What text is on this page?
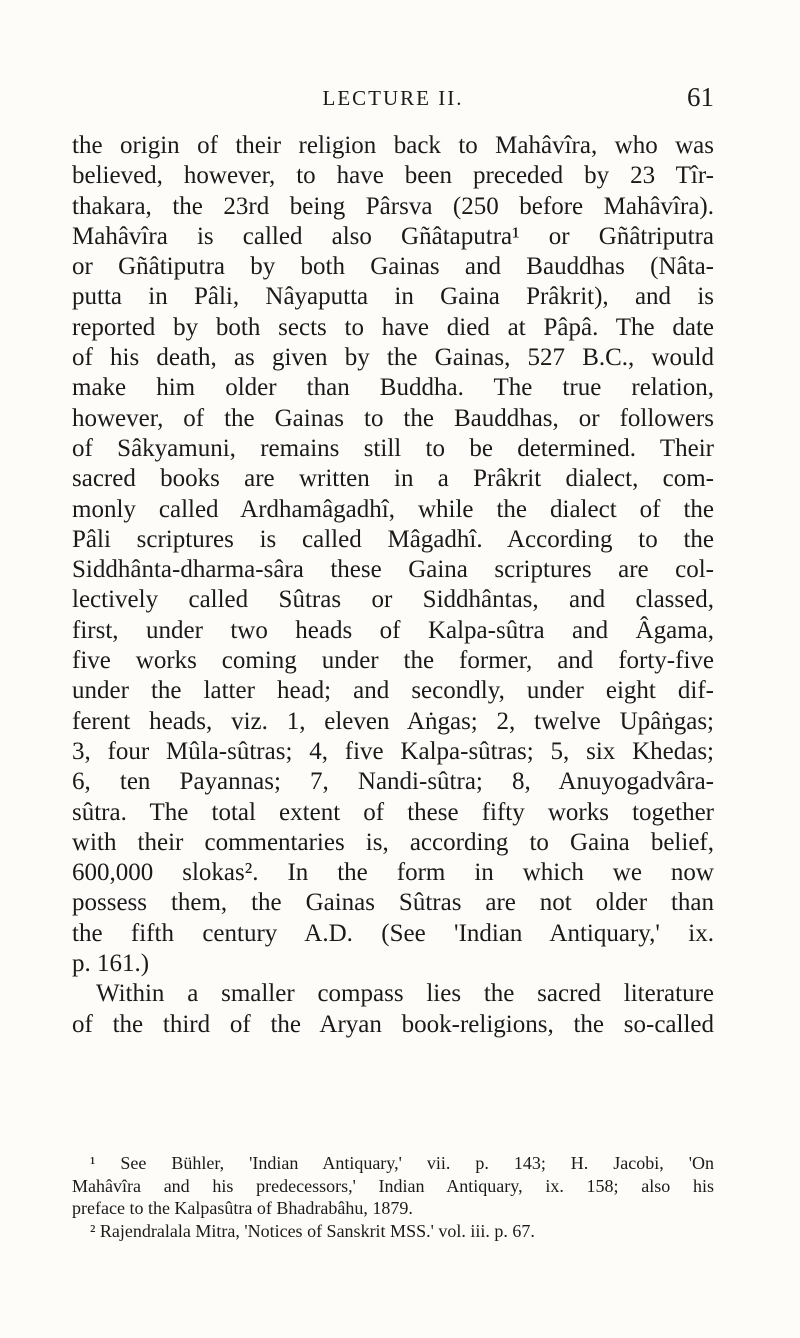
LECTURE II.	61
the origin of their religion back to Mahâvîra, who was
believed, however, to have been preceded by 23 Tîr-
thakara, the 23rd being Pârsva (250 before Mahâvîra).
Mahâvîra is called also Gñâtaputra¹ or Gñâtriputra
or Gñâtiputra by both Gainas and Bauddhas (Nâta-
putta in Pâli, Nâyaputta in Gaina Prâkrit), and is
reported by both sects to have died at Pâpâ. The date
of his death, as given by the Gainas, 527 B.C., would
make him older than Buddha. The true relation,
however, of the Gainas to the Bauddhas, or followers
of Sâkyamuni, remains still to be determined. Their
sacred books are written in a Prâkrit dialect, com-
monly called Ardhamâgadhî, while the dialect of the
Pâli scriptures is called Mâgadhî. According to the
Siddhânta-dharma-sâra these Gaina scriptures are col-
lectively called Sûtras or Siddhântas, and classed,
first, under two heads of Kalpa-sûtra and Âgama,
five works coming under the former, and forty-five
under the latter head; and secondly, under eight dif-
ferent heads, viz. 1, eleven Aṅgas; 2, twelve Upâṅgas;
3, four Mûla-sûtras; 4, five Kalpa-sûtras; 5, six Khedas;
6, ten Payannas; 7, Nandi-sûtra; 8, Anuyogadvâra-
sûtra. The total extent of these fifty works together
with their commentaries is, according to Gaina belief,
600,000 slokas². In the form in which we now
possess them, the Gainas Sûtras are not older than
the fifth century A.D. (See 'Indian Antiquary,' ix.
p. 161.)
Within a smaller compass lies the sacred literature
of the third of the Aryan book-religions, the so-called
¹ See Bühler, 'Indian Antiquary,' vii. p. 143; H. Jacobi, 'On
Mahâvîra and his predecessors,' Indian Antiquary, ix. 158; also his
preface to the Kalpasûtra of Bhadrabâhu, 1879.
² Rajendralala Mitra, 'Notices of Sanskrit MSS.' vol. iii. p. 67.
